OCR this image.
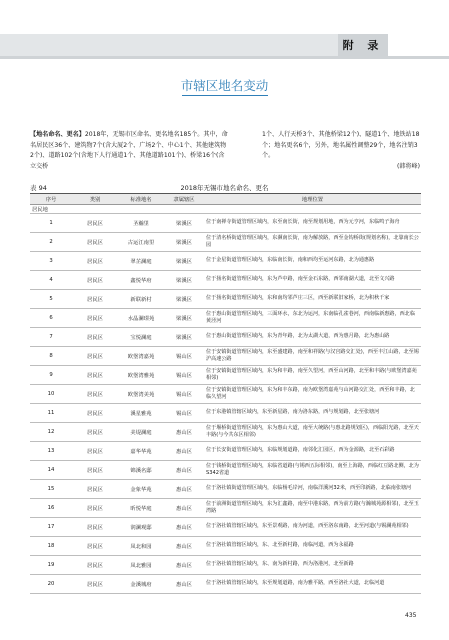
附 录
市辖区地名变动
【地名命名、更名】2018年，无锡市区命名、更名地名185个。其中，命名居民区36个、建筑物7个(含大厦2个、广场2个、中心1个、其他建筑物2个)、道路102个(含地下人行通道1个、其他道路101个)、桥梁16个(含立交桥
1个、人行天桥3个、其他桥梁12个)、隧道1个、地铁站18个；地名更名6个，另外，地名属性调整29个，地名注销3个。
(韩将峰)
表 94	2018年无锡市地名命名、更名
序号	类别	标准地名	隶属辖区	地理位置
居民地				
1	居民区	圣瀚里	梁溪区	位于南禅寺街道管理区域内，东至南长街，南至规划用地，西为元亨河，东临鸣子海舟
2	居民区	古运江南里	梁溪区	位于清名桥街道管理区域内，东濒南长街，南为解放路，西至金钩桥街(规划名称)，北靠南长公园
3	居民区	翠芷澜庭	梁溪区	位于金星街道管理区域内，东临南长街，南和西均至运河东路，北为通惠路
4	居民区	鑫悦华府	梁溪区	位于扬名街道管理区域内，东为芦中路，南至金石东路，西邻南湖大道，北至文兴路
5	居民区	新联新村	梁溪区	位于扬名街道管理区域内，东和南均邻芦庄三区，西至新联旧家桥，北为积秋千家
6	居民区	水晶澜璟苑	梁溪区	位于惠山街道管理区域内，三面环水，东北为运河，东南临孔雀巷河，西南临新惠路，西北临黄泾河
7	居民区	宝悦澜庭	梁溪区	位于惠山街道管理区域内，东为青年路，北为太湖大道，西为惠月路，北为惠山路
8	居民区	欧堡湾嘉苑	锡山区	位于安镇街道管理区域内，东至盛建路，南至和祥路(与汉宫路交汇处)，西至丰江山路，北至锡沪高速公路
9	居民区	欧堡湾雅苑	锡山区	位于安镇街道管理区域内，东为和丰路，南至久望河，西至山河路，北至和丰路(与欧堡湾嘉苑相邻)
10	居民区	欧堡湾美苑	锡山区	位于安镇街道管理区域内，东为和丰东路，南为欧堡湾嘉苑与山河路交汇处，西至和丰路，北临久望河
11	居民区	溪星雅苑	锡山区	位于东港镇管辖区域内，东至新星路，南为洛东路，西与规划路，北至张塘河
12	居民区	美堤澜庭	惠山区	位于堰桥街道管理区域内，东为惠山大道，南至大统路(与惠北路规划区)，西临阳光路，北至天丰路(与今共东区相邻)
13	居民区	嘉华华苑	惠山区	位于长安街道管理区域内，东临规划道路，南邻化汇园区，西为金源路，北至石彩路
14	居民区	锦溪名邸	惠山区	位于钱桥街道管理区域内，东临省道路(与锡西五际相邻)，南至上海路，西临红豆路北侧，北为S342省道
15	居民区	金象华苑	惠山区	位于洛社镇街道管理区域内，东临杨毛岸河，南临洋溪河32米，西至印新路，北临南张塘河
16	居民区	昕悦华庭	惠山区	位于前洲街道管理区域内，东为汇鑫路，南至中港东路，西为前方路(与瀚城苑源相邻)，北至玉湾路
17	居民区	润澜观邸	惠山区	位于洛社镇管辖区域内，东至景观路，南为河道，西至洛东南路，北至河道(与锡澜苑相邻)
18	居民区	凤北和园	惠山区	位于洛社镇管辖区域内，东、北至新村路，南临河道，西为永福路
19	居民区	凤北雅园	惠山区	位于洛社镇管辖区域内，东、南为新村路，西为洛港河，北至新路
20	居民区	金溪城府	惠山区	位于洛社镇管辖区域内，东至规划道路，南为雅平路，西至洛社大道，北临河道
435
